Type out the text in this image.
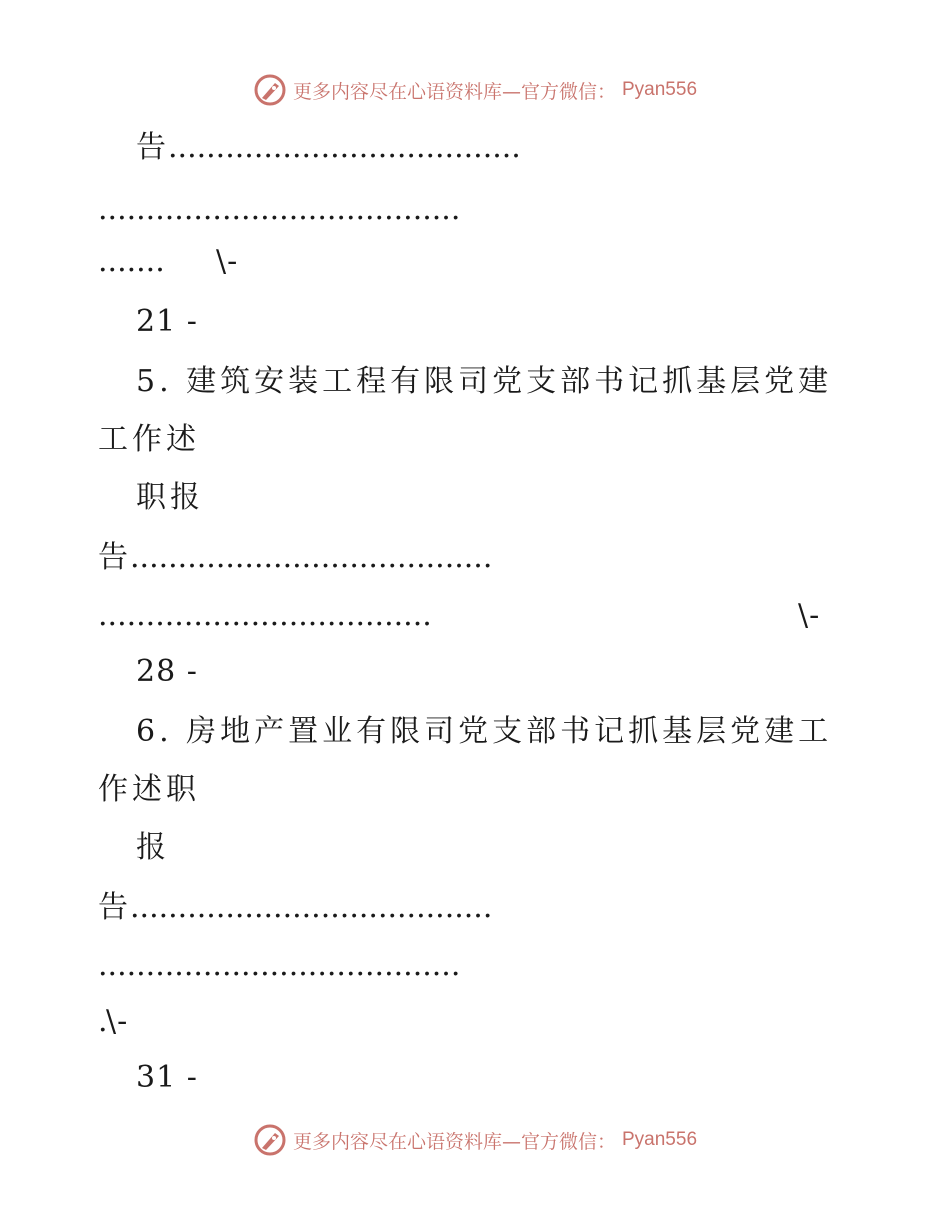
更多内容尽在心语资料库—官方微信： Pyan556
告 .....................................
......................................
.......	\-
21 -
5. 建筑安装工程有限司党支部书记抓基层党建
工作述
职报
告 ......................................
...................................	\-
28 -
6. 房地产置业有限司党支部书记抓基层党建工
作述职
报
告 ......................................
......................................
.
\-
31 -
更多内容尽在心语资料库—官方微信： Pyan556
